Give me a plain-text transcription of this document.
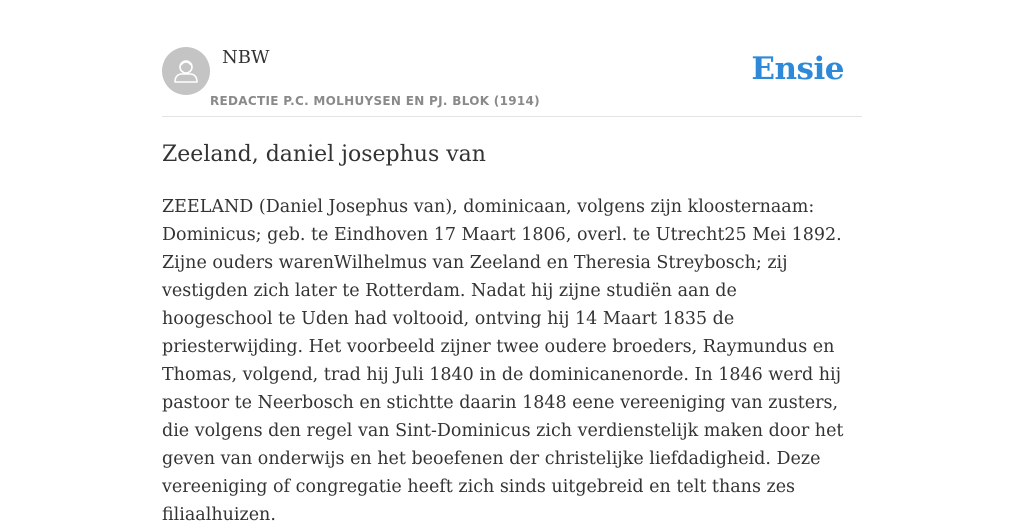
NBW
REDACTIE P.C. MOLHUYSEN EN PJ. BLOK (1914)
Ensie
Zeeland, daniel josephus van

ZEELAND (Daniel Josephus van), dominicaan, volgens zijn kloosternaam: Dominicus; geb. te Eindhoven 17 Maart 1806, overl. te Utrecht25 Mei 1892. Zijne ouders warenWilhelmus van Zeeland en Theresia Streybosch; zij vestigden zich later te Rotterdam. Nadat hij zijne studiën aan de hoogeschool te Uden had voltooid, ontving hij 14 Maart 1835 de priesterwijding. Het voorbeeld zijner twee oudere broeders, Raymundus en Thomas, volgend, trad hij Juli 1840 in de dominicanenorde. In 1846 werd hij pastoor te Neerbosch en stichtte daarin 1848 eene vereeniging van zusters, die volgens den regel van Sint-Dominicus zich verdienstelijk maken door het geven van onderwijs en het beoefenen der christelijke liefdadigheid. Deze vereeniging of congregatie heeft zich sinds uitgebreid en telt thans zes filiaalhuizen.
